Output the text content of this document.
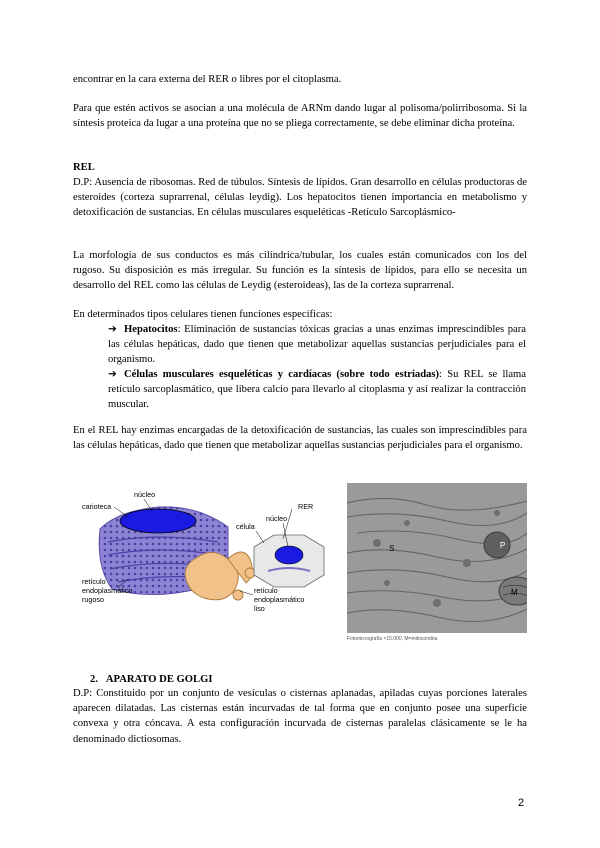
encontrar en la cara externa del RER o libres por el citoplasma.

Para que estén activos se asocian a una molécula de ARNm dando lugar al polisoma/polirribosoma. Si la síntesis proteica da lugar a una proteína que no se pliega correctamente, se debe eliminar dicha proteína.

REL

D.P: Ausencia de ribosomas. Red de túbulos. Síntesis de lípidos. Gran desarrollo en células productoras de esteroides (corteza suprarrenal, células leydig). Los hepatocitos tienen importancia en metabolismo y detoxificación de sustancias. En células musculares esqueléticas -Retículo Sarcoplásmico-

La morfología de sus conductos es más cilíndrica/tubular, los cuales están comunicados con los del rugoso. Su disposición es más irregular. Su función es la síntesis de lípidos, para ello se necesita un desarrollo del REL como las células de Leydig (esteroideas), las de la corteza suprarrenal.

En determinados tipos celulares tienen funciones específicas:

➔ Hepatocitos: Eliminación de sustancias tóxicas gracias a unas enzimas imprescindibles para las células hepáticas, dado que tienen que metabolizar aquellas sustancias perjudiciales para el organismo.

➔ Células musculares esqueléticas y cardíacas (sobre todo estriadas): Su REL se llama retículo sarcoplasmático, que libera calcio para llevarlo al citoplasma y así realizar la contracción muscular.

En el REL hay enzimas encargadas de la detoxificación de sustancias, las cuales son imprescindibles para las células hepáticas, dado que tienen que metabolizar aquellas sustancias perjudiciales para el organismo.

carioteca
núcleo
RER
célula
núcleo
retículo
endoplasmático
rugoso
retículo
endoplasmático
liso
S	P
M
Fotomicrografía ×15.000, M=mitocondria

2. APARATO DE GOLGI

D.P: Constituido por un conjunto de vesículas o cisternas aplanadas, apiladas cuyas porciones laterales aparecen dilatadas. Las cisternas están incurvadas de tal forma que en conjunto posee una superficie convexa y otra cóncava. A esta configuración incurvada de cisternas paralelas clásicamente se le ha denominado dictiosomas.

2
